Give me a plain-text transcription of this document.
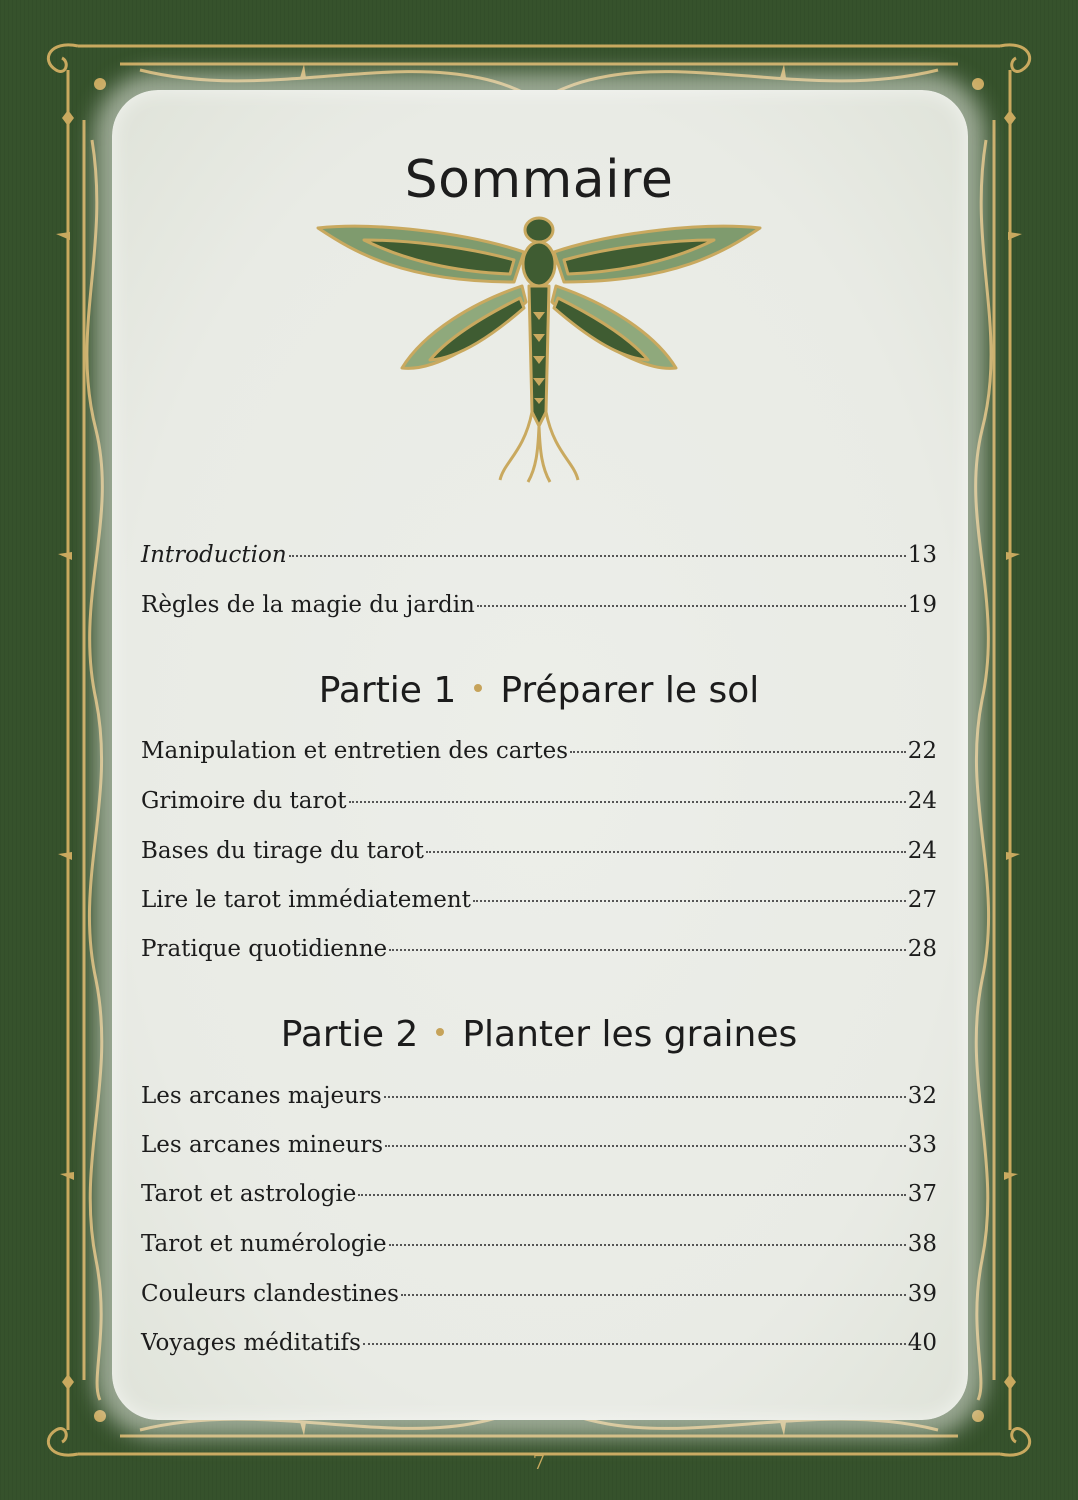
Sommaire
Introduction	13
Règles de la magie du jardin	19
Partie 1 Préparer le sol
Manipulation et entretien des cartes	22
Grimoire du tarot	24
Bases du tirage du tarot	24
Lire le tarot immédiatement	27
Pratique quotidienne	28
Partie 2 Planter les graines
Les arcanes majeurs	32
Les arcanes mineurs	33
Tarot et astrologie	37
Tarot et numérologie	38
Couleurs clandestines	39
Voyages méditatifs	40
7
